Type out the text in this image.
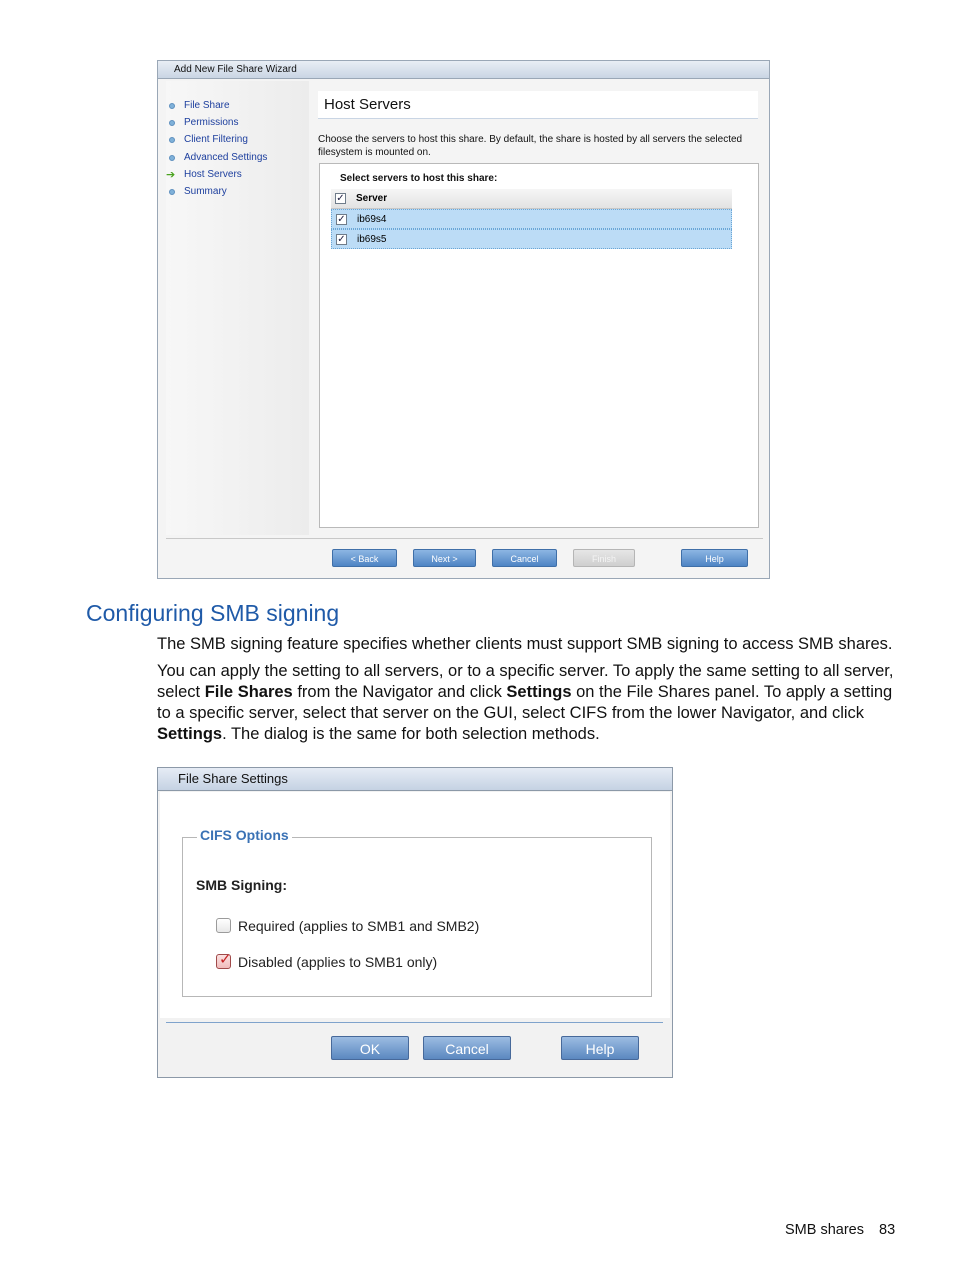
Add New File Share Wizard
File Share
Permissions
Client Filtering
Advanced Settings
➔ Host Servers
Summary
Host Servers
Choose the servers to host this share. By default, the share is hosted by all servers the selected filesystem is mounted on.
Select servers to host this share:
✓ Server
✓ ib69s4
✓ ib69s5
< Back	Next >	Cancel	Finish	Help
Configuring SMB signing
The SMB signing feature specifies whether clients must support SMB signing to access SMB shares.
You can apply the setting to all servers, or to a specific server. To apply the same setting to all server, select File Shares from the Navigator and click Settings on the File Shares panel. To apply a setting to a specific server, select that server on the GUI, select CIFS from the lower Navigator, and click Settings. The dialog is the same for both selection methods.
File Share Settings
CIFS Options
SMB Signing:
Required (applies to SMB1 and SMB2)
✓ Disabled (applies to SMB1 only)
OK	Cancel	Help
SMB shares 83
